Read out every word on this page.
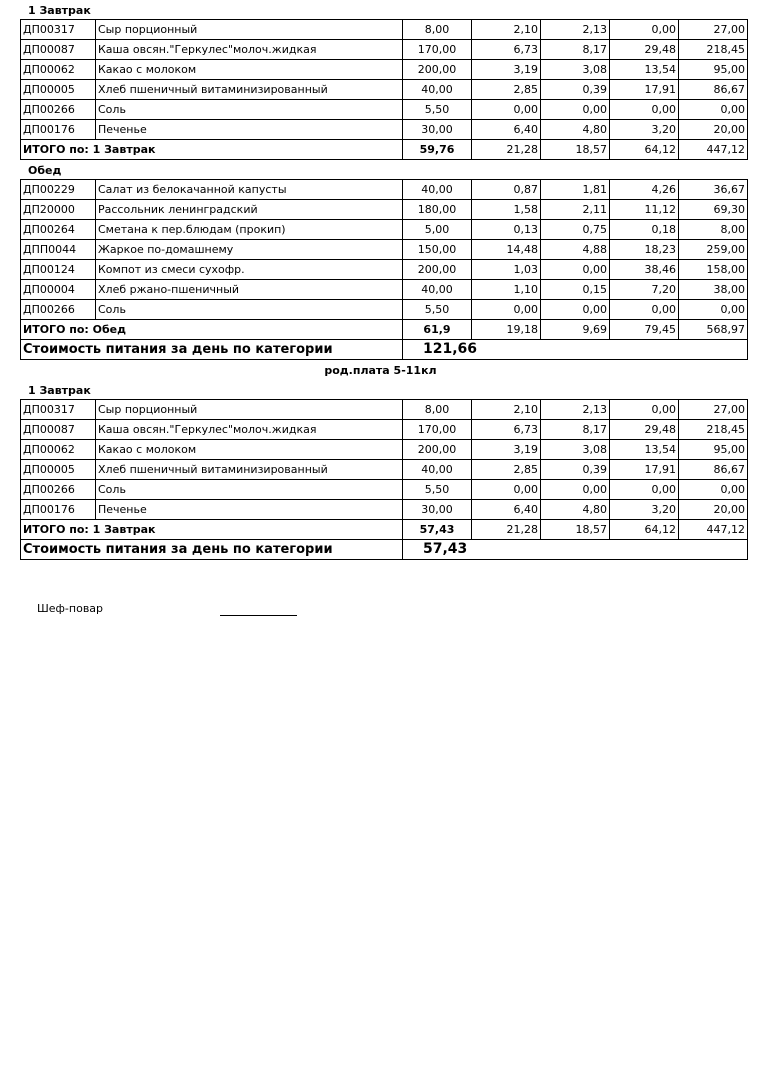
1 Завтрак
ДП00317	Сыр порционный	8,00	2,10	2,13	0,00	27,00
ДП00087	Каша овсян."Геркулес"молоч.жидкая	170,00	6,73	8,17	29,48	218,45
ДП00062	Какао с молоком	200,00	3,19	3,08	13,54	95,00
ДП00005	Хлеб пшеничный витаминизированный	40,00	2,85	0,39	17,91	86,67
ДП00266	Соль	5,50	0,00	0,00	0,00	0,00
ДП00176	Печенье	30,00	6,40	4,80	3,20	20,00
ИТОГО по: 1 Завтрак		59,76	21,28	18,57	64,12	447,12
Обед
ДП00229	Салат из белокачанной капусты	40,00	0,87	1,81	4,26	36,67
ДП20000	Рассольник ленинградский	180,00	1,58	2,11	11,12	69,30
ДП00264	Сметана к пер.блюдам (прокип)	5,00	0,13	0,75	0,18	8,00
ДПП0044	Жаркое по-домашнему	150,00	14,48	4,88	18,23	259,00
ДП00124	Компот из смеси сухофр.	200,00	1,03	0,00	38,46	158,00
ДП00004	Хлеб ржано-пшеничный	40,00	1,10	0,15	7,20	38,00
ДП00266	Соль	5,50	0,00	0,00	0,00	0,00
ИТОГО по: Обед		61,9	19,18	9,69	79,45	568,97
Стоимость питания за день по категории		121,66				
род.плата 5-11кл
1 Завтрак
ДП00317	Сыр порционный	8,00	2,10	2,13	0,00	27,00
ДП00087	Каша овсян."Геркулес"молоч.жидкая	170,00	6,73	8,17	29,48	218,45
ДП00062	Какао с молоком	200,00	3,19	3,08	13,54	95,00
ДП00005	Хлеб пшеничный витаминизированный	40,00	2,85	0,39	17,91	86,67
ДП00266	Соль	5,50	0,00	0,00	0,00	0,00
ДП00176	Печенье	30,00	6,40	4,80	3,20	20,00
ИТОГО по: 1 Завтрак		57,43	21,28	18,57	64,12	447,12
Стоимость питания за день по категории		57,43				
Шеф-повар
